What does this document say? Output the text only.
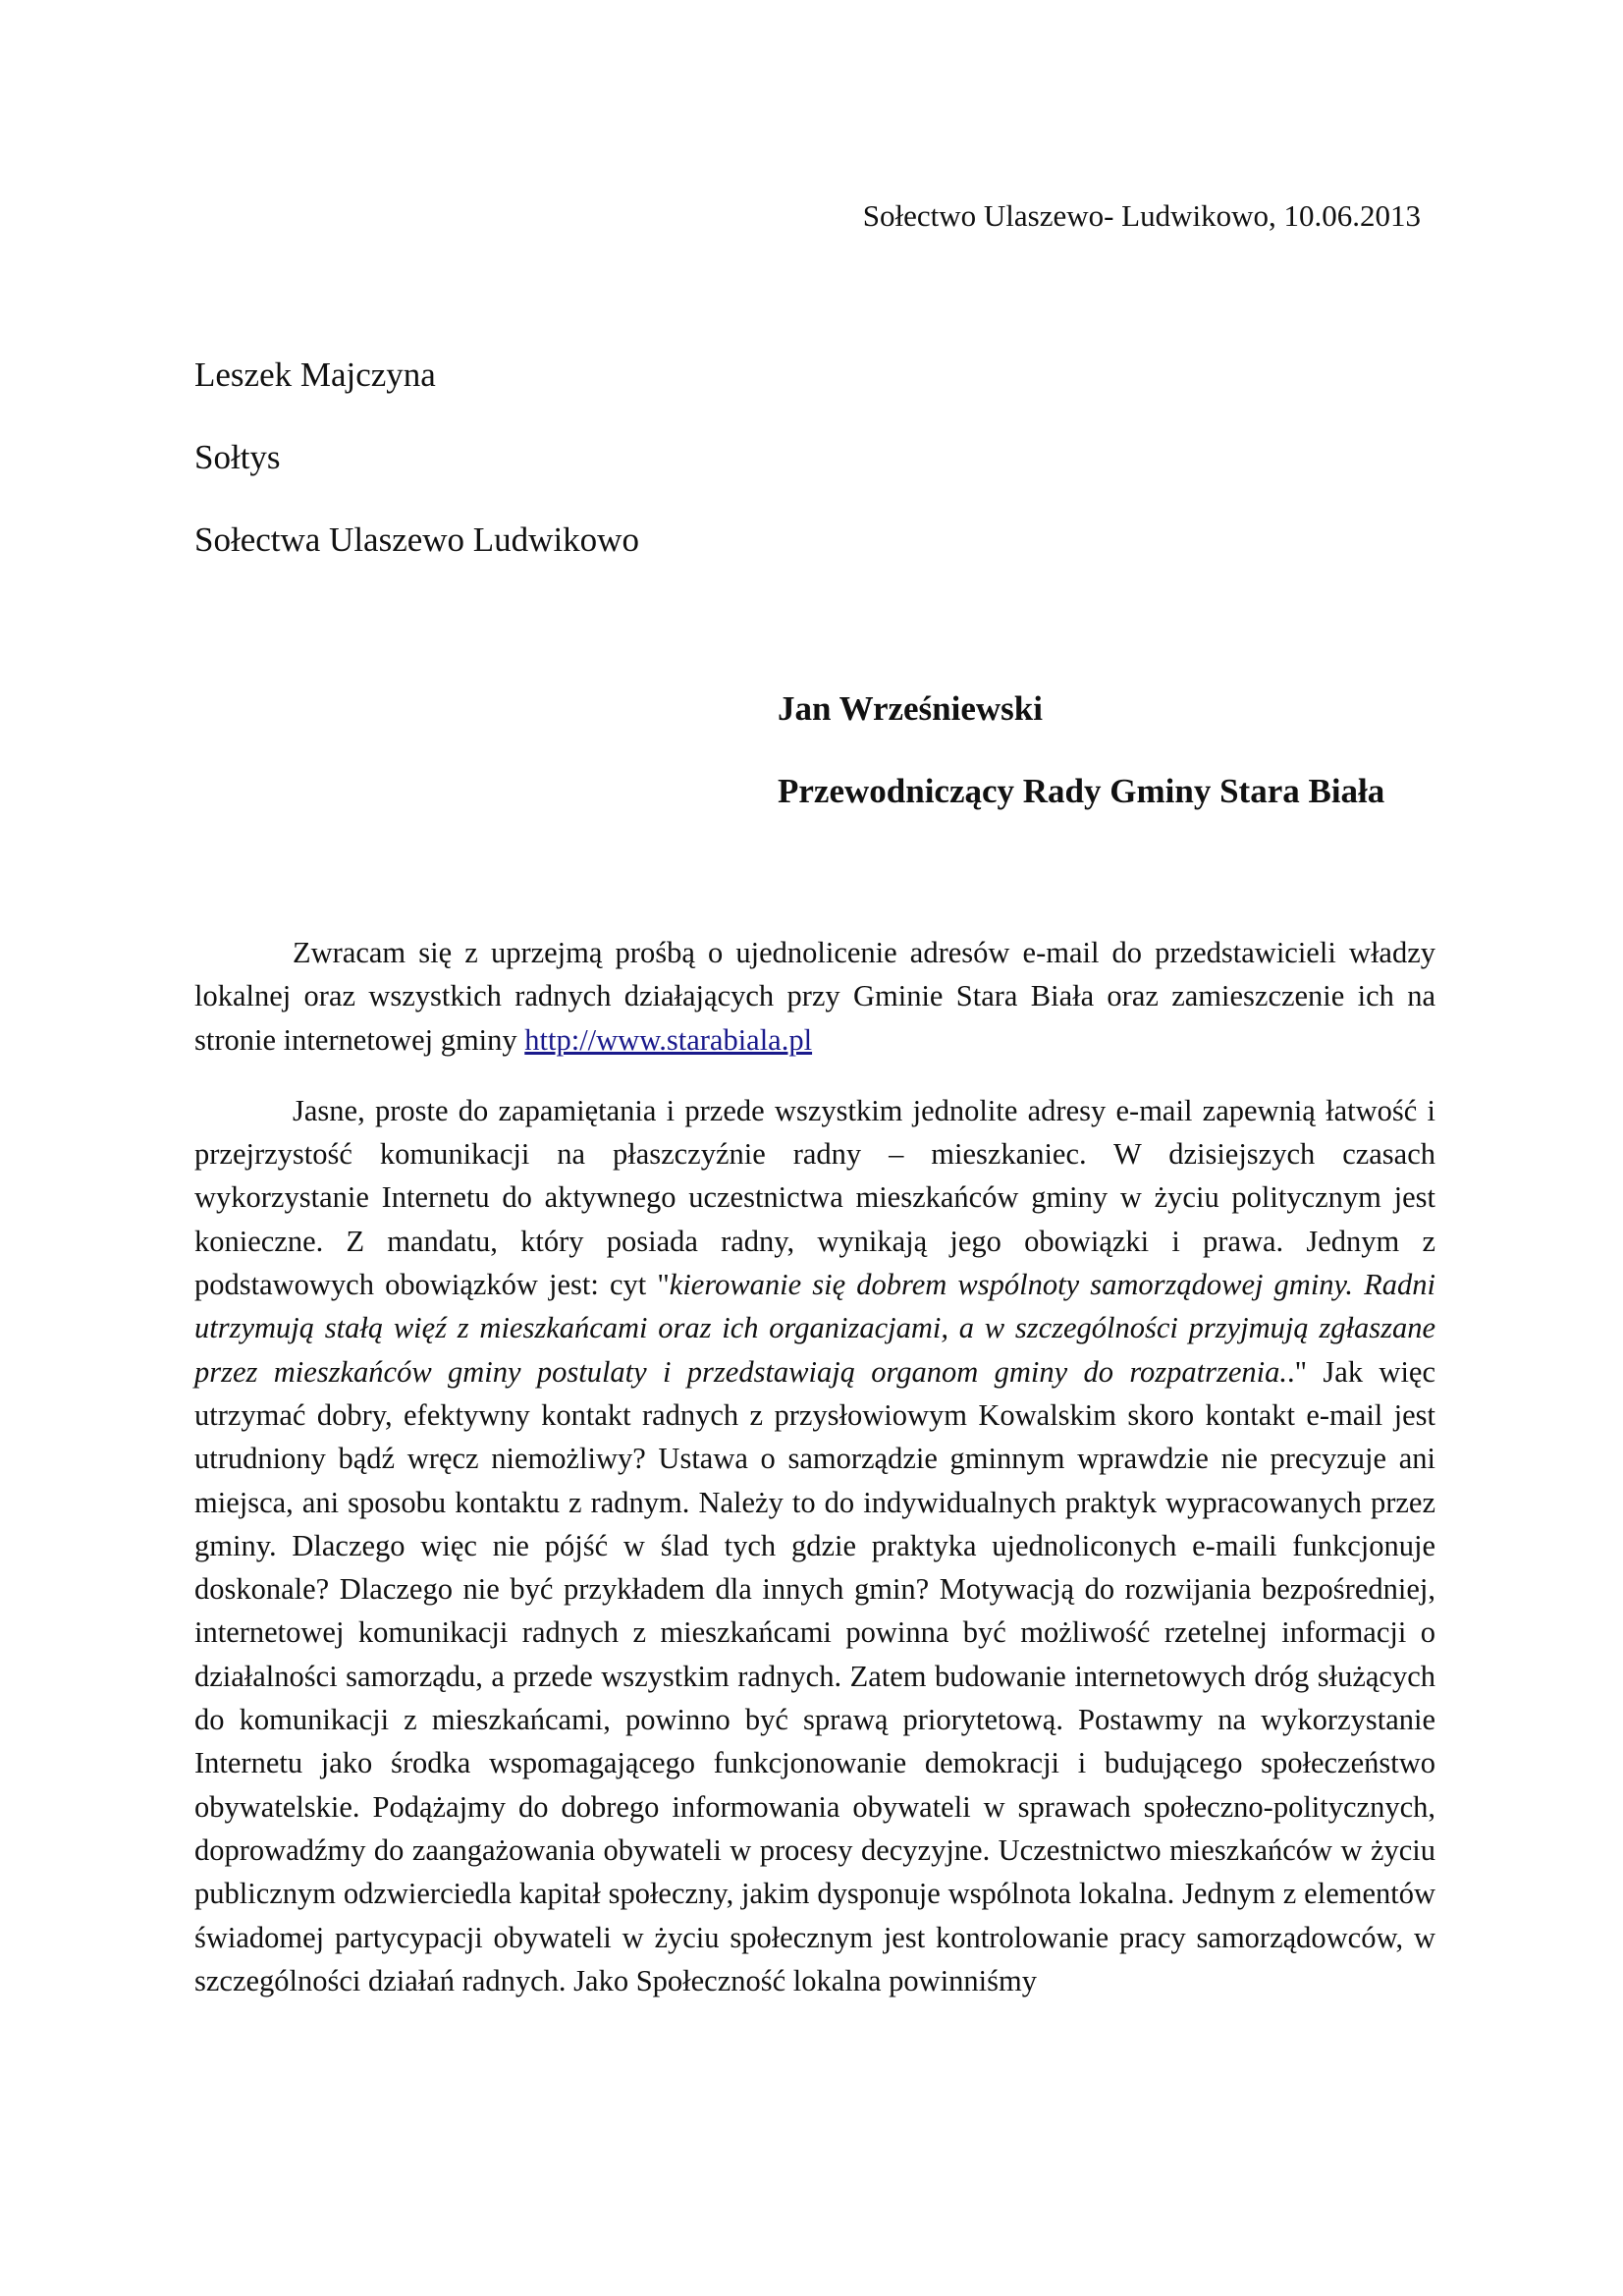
Sołectwo Ulaszewo- Ludwikowo, 10.06.2013
Leszek Majczyna
Sołtys
Sołectwa Ulaszewo Ludwikowo
Jan Wrześniewski
Przewodniczący Rady Gminy Stara Biała

Zwracam się z uprzejmą prośbą o ujednolicenie adresów e-mail do przedstawicieli władzy lokalnej oraz wszystkich radnych działających przy Gminie Stara Biała oraz zamieszczenie ich na stronie internetowej gminy http://www.starabiala.pl

Jasne, proste do zapamiętania i przede wszystkim jednolite adresy e-mail zapewnią łatwość i przejrzystość komunikacji na płaszczyźnie radny – mieszkaniec. W dzisiejszych czasach wykorzystanie Internetu do aktywnego uczestnictwa mieszkańców gminy w życiu politycznym jest konieczne. Z mandatu, który posiada radny, wynikają jego obowiązki i prawa. Jednym z podstawowych obowiązków jest: cyt "kierowanie się dobrem wspólnoty samorządowej gminy. Radni utrzymują stałą więź z mieszkańcami oraz ich organizacjami, a w szczególności przyjmują zgłaszane przez mieszkańców gminy postulaty i przedstawiają organom gminy do rozpatrzenia.." Jak więc utrzymać dobry, efektywny kontakt radnych z przysłowiowym Kowalskim skoro kontakt e-mail jest utrudniony bądź wręcz niemożliwy? Ustawa o samorządzie gminnym wprawdzie nie precyzuje ani miejsca, ani sposobu kontaktu z radnym. Należy to do indywidualnych praktyk wypracowanych przez gminy. Dlaczego więc nie pójść w ślad tych gdzie praktyka ujednoliconych e-maili funkcjonuje doskonale? Dlaczego nie być przykładem dla innych gmin? Motywacją do rozwijania bezpośredniej, internetowej komunikacji radnych z mieszkańcami powinna być możliwość rzetelnej informacji o działalności samorządu, a przede wszystkim radnych. Zatem budowanie internetowych dróg służących do komunikacji z mieszkańcami, powinno być sprawą priorytetową. Postawmy na wykorzystanie Internetu jako środka wspomagającego funkcjonowanie demokracji i budującego społeczeństwo obywatelskie. Podążajmy do dobrego informowania obywateli w sprawach społeczno-politycznych, doprowadźmy do zaangażowania obywateli w procesy decyzyjne. Uczestnictwo mieszkańców w życiu publicznym odzwierciedla kapitał społeczny, jakim dysponuje wspólnota lokalna. Jednym z elementów świadomej partycypacji obywateli w życiu społecznym jest kontrolowanie pracy samorządowców, w szczególności działań radnych. Jako Społeczność lokalna powinniśmy
